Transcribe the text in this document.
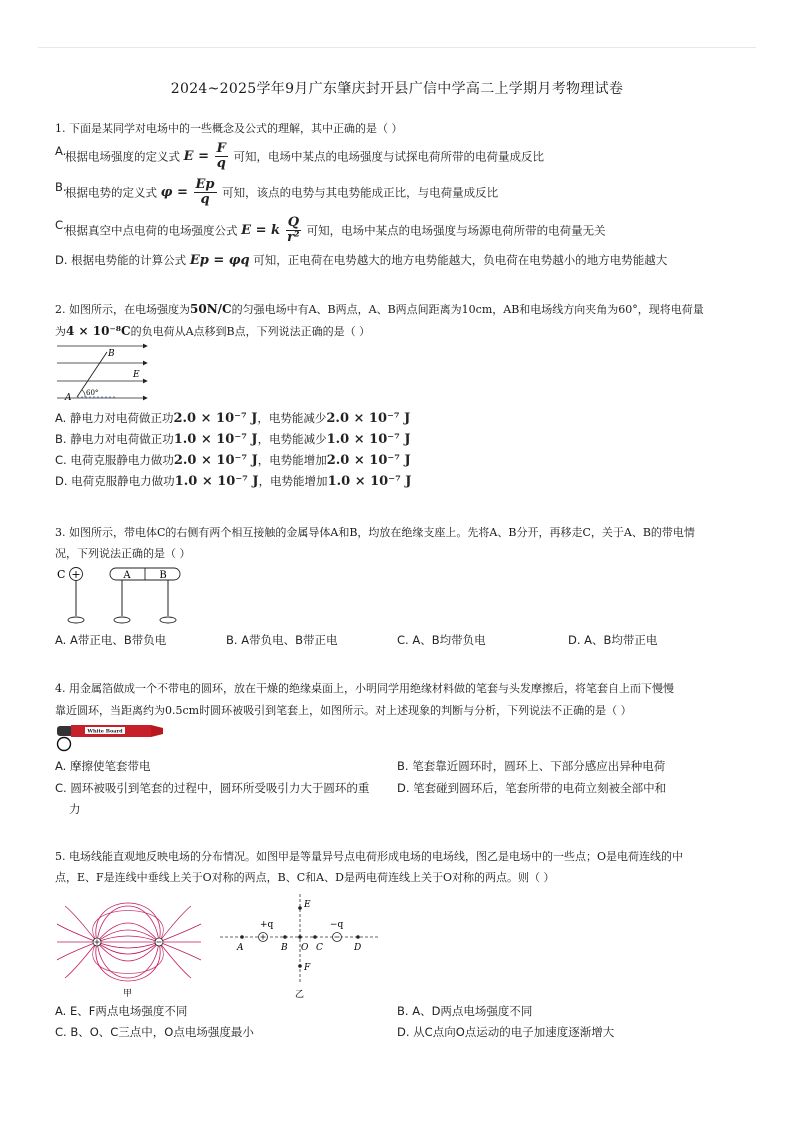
2024~2025学年9月广东肇庆封开县广信中学高二上学期月考物理试卷
1. 下面是某同学对电场中的一些概念及公式的理解，其中正确的是（ ）
A.
根据电场强度的定义式 $E = \frac{F}{q}$ 可知，电场中某点的电场强度与试探电荷所带的电荷量成反比
B.
根据电势的定义式 $\varphi = \frac{Ep}{q}$ 可知，该点的电势与其电势能成正比，与电荷量成反比
C.
根据真空中点电荷的电场强度公式 E = k $\frac{Q}{\text{r²}}$ 可知，电场中某点的电场强度与场源电荷所带的电荷量无关
D. 根据电势能的计算公式 Ep = φq 可知，正电荷在电势越大的地方电势能越大，负电荷在电势越小的地方电势能越大
2. 如图所示，在电场强度为50N/C的匀强电场中有A、B两点，A、B两点间距离为10cm，AB和电场线方向夹角为60°，现将电荷量
为4 × 10⁻⁸C的负电荷从A点移到B点，下列说法正确的是（ ）
B
E
A 60°
A. 静电力对电荷做正功2.0 × 10⁻⁷ J，电势能减少2.0 × 10⁻⁷ J
B. 静电力对电荷做正功1.0 × 10⁻⁷ J，电势能减少1.0 × 10⁻⁷ J
C. 电荷克服静电力做功2.0 × 10⁻⁷ J，电势能增加2.0 × 10⁻⁷ J
D. 电荷克服静电力做功1.0 × 10⁻⁷ J，电势能增加1.0 × 10⁻⁷ J
3. 如图所示，带电体C的右侧有两个相互接触的金属导体A和B，均放在绝缘支座上。先将A、B分开，再移走C，关于A、B的带电情
况，下列说法正确的是（ ）
C +	A	B
A. A带正电、B带负电	B. A带负电、B带正电	C. A、B均带负电	D. A、B均带正电
4. 用金属箔做成一个不带电的圆环，放在干燥的绝缘桌面上，小明同学用绝缘材料做的笔套与头发摩擦后，将笔套自上而下慢慢
靠近圆环，当距离约为0.5cm时圆环被吸引到笔套上，如图所示。对上述现象的判断与分析，下列说法不正确的是（ ）
White Board
A. 摩擦使笔套带电	B. 笔套靠近圆环时，圆环上、下部分感应出异种电荷
C. 圆环被吸引到笔套的过程中，圆环所受吸引力大于圆环的重
力
D. 笔套碰到圆环后，笔套所带的电荷立刻被全部中和
5. 电场线能直观地反映电场的分布情况。如图甲是等量异号点电荷形成电场的电场线，图乙是电场中的一些点；O是电荷连线的中
点，E、F是连线中垂线上关于O对称的两点，B、C和A、D是两电荷连线上关于O对称的两点。则（ ）
甲
+q	−q
A	B O C	D
E
F
乙
A. E、F两点电场强度不同	B. A、D两点电场强度不同
C. B、O、C三点中，O点电场强度最小	D. 从C点向O点运动的电子加速度逐渐增大
